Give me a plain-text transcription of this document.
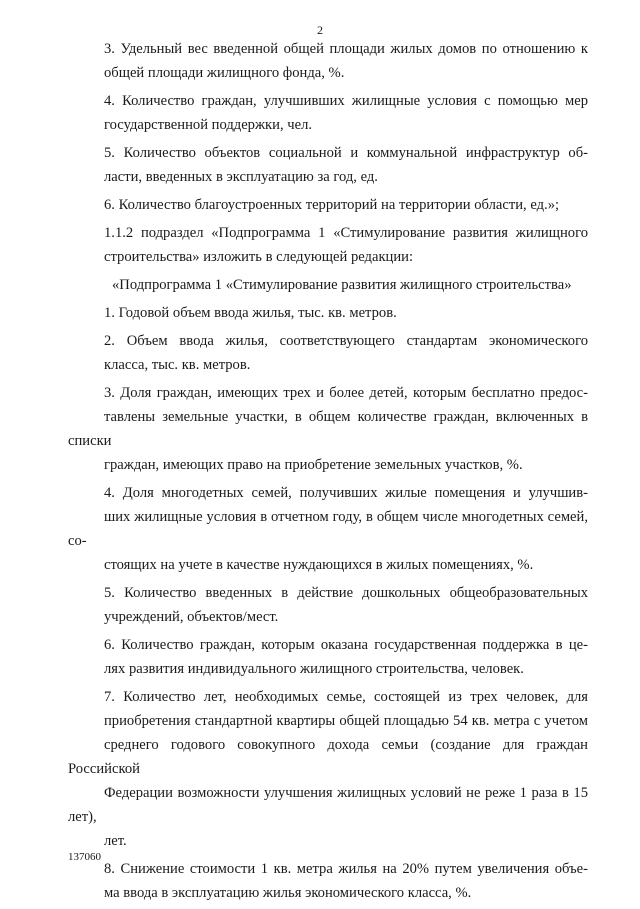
2

3. Удельный вес введенной общей площади жилых домов по отношению к
общей площади жилищного фонда, %.

4. Количество граждан, улучшивших жилищные условия с помощью мер
государственной поддержки, чел.

5. Количество объектов социальной и коммунальной инфраструктур об-
ласти, введенных в эксплуатацию за год, ед.

6. Количество благоустроенных территорий на территории области, ед.»;

1.1.2 подраздел «Подпрограмма 1 «Стимулирование развития жилищного
строительства» изложить в следующей редакции:

«Подпрограмма 1 «Стимулирование развития жилищного строительства»

1. Годовой объем ввода жилья, тыс. кв. метров.

2. Объем ввода жилья, соответствующего стандартам экономического
класса, тыс. кв. метров.

3. Доля граждан, имеющих трех и более детей, которым бесплатно предос-
тавлены земельные участки, в общем количестве граждан, включенных в списки
граждан, имеющих право на приобретение земельных участков, %.

4. Доля многодетных семей, получивших жилые помещения и улучшив-
ших жилищные условия в отчетном году, в общем числе многодетных семей, со-
стоящих на учете в качестве нуждающихся в жилых помещениях, %.

5. Количество введенных в действие дошкольных общеобразовательных
учреждений, объектов/мест.

6. Количество граждан, которым оказана государственная поддержка в це-
лях развития индивидуального жилищного строительства, человек.

7. Количество лет, необходимых семье, состоящей из трех человек, для
приобретения стандартной квартиры общей площадью 54 кв. метра с учетом
среднего годового совокупного дохода семьи (создание для граждан Российской
Федерации возможности улучшения жилищных условий не реже 1 раза в 15 лет),
лет.

8. Снижение стоимости 1 кв. метра жилья на 20% путем увеличения объе-
ма ввода в эксплуатацию жилья экономического класса, %.

137060
